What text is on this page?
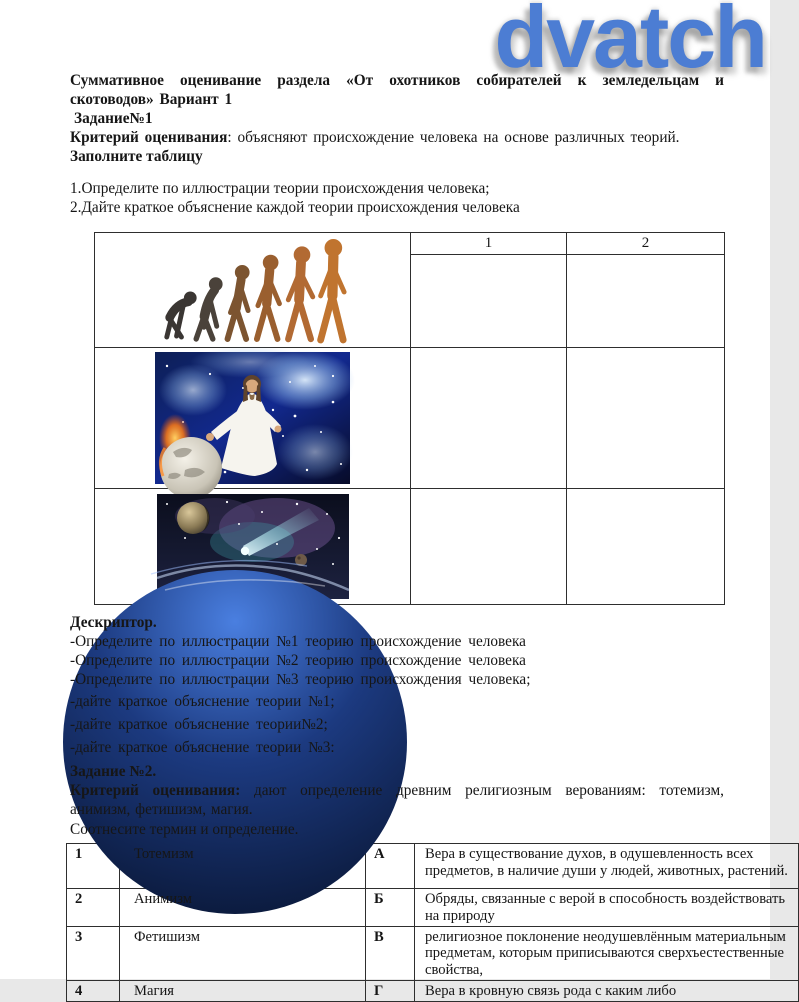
dvatch

Суммативное оценивание раздела «От охотников собирателей к земледельцам и скотоводов» Вариант 1

Задание№1

Критерий оценивания: объясняют происхождение человека на основе различных теорий.

Заполните таблицу

1.Определите по иллюстрации теории происхождения человека;

2.Дайте краткое объяснение каждой теории происхождения человека

	1	2

Дескриптор.

-Определите по иллюстрации №1 теорию происхождение человека

-Определите по иллюстрации №2 теорию происхождение человека

-Определите по иллюстрации №3 теорию происхождения человека;

-дайте краткое объяснение теории №1;

-дайте краткое объяснение теории№2;

-дайте краткое объяснение теории №3:

Задание №2.

Критерий оценивания: дают определение древним религиозным верованиям: тотемизм, анимизм, фетишизм, магия.

Соотнесите термин и определение.

1	Тотемизм	А	Вера в существование духов, в одушевленность всех предметов, в наличие души у людей, животных, растений.
2	Анимизм	Б	Обряды, связанные с верой в способность воздействовать на природу
3	Фетишизм	В	религиозное поклонение неодушевлённым материальным предметам, которым приписываются сверхъестественные свойства,
4	Магия	Г	Вера в кровную связь рода с каким либо
